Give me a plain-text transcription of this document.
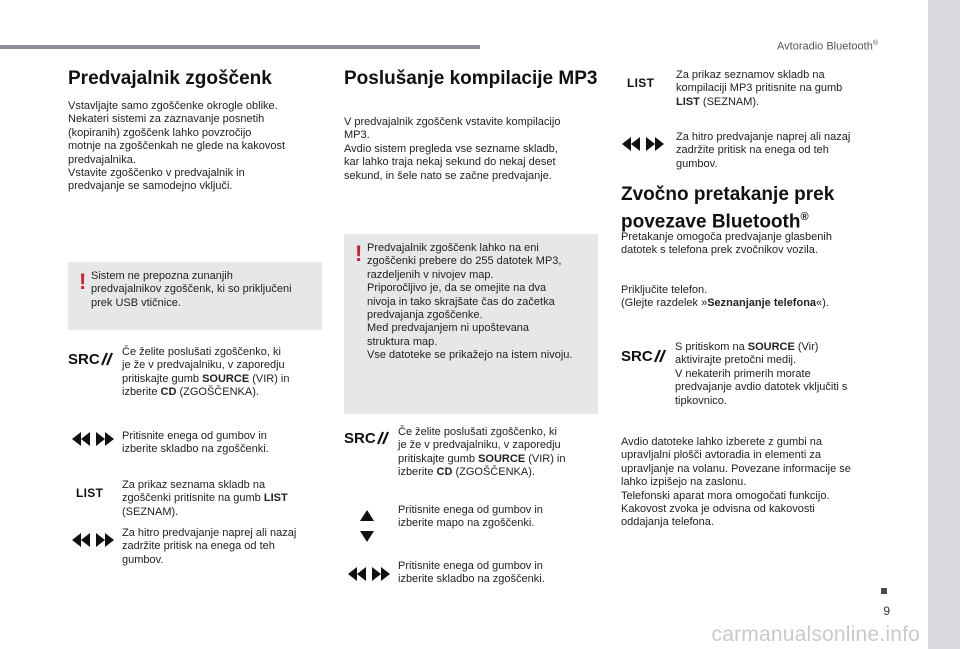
Avtoradio Bluetooth®
9
carmanualsonline.info
Predvajalnik zgoščenk
Vstavljajte samo zgoščenke okrogle oblike.
Nekateri sistemi za zaznavanje posnetih
(kopiranih) zgoščenk lahko povzročijo
motnje na zgoščenkah ne glede na kakovost
predvajalnika.
Vstavite zgoščenko v predvajalnik in
predvajanje se samodejno vključi.
! Sistem ne prepozna zunanjih
predvajalnikov zgoščenk, ki so priključeni
prek USB vtičnice.
SRC Če želite poslušati zgoščenko, ki
je že v predvajalniku, v zaporedju
pritiskajte gumb SOURCE (VIR) in
izberite CD (ZGOŠČENKA).
Pritisnite enega od gumbov in
izberite skladbo na zgoščenki.
LIST
Za prikaz seznama skladb na
zgoščenki pritisnite na gumb LIST
(SEZNAM).
Za hitro predvajanje naprej ali nazaj
zadržite pritisk na enega od teh
gumbov.
Poslušanje kompilacije MP3
V predvajalnik zgoščenk vstavite kompilacijo
MP3.
Avdio sistem pregleda vse sezname skladb,
kar lahko traja nekaj sekund do nekaj deset
sekund, in šele nato se začne predvajanje.
! Predvajalnik zgoščenk lahko na eni
zgoščenki prebere do 255 datotek MP3,
razdeljenih v nivojev map.
Priporočljivo je, da se omejite na dva
nivoja in tako skrajšate čas do začetka
predvajanja zgoščenke.
Med predvajanjem ni upoštevana
struktura map.
Vse datoteke se prikažejo na istem nivoju.
SRC Če želite poslušati zgoščenko, ki
je že v predvajalniku, v zaporedju
pritiskajte gumb SOURCE (VIR) in
izberite CD (ZGOŠČENKA).
Pritisnite enega od gumbov in
izberite mapo na zgoščenki.
Pritisnite enega od gumbov in
izberite skladbo na zgoščenki.
LIST
Za prikaz seznamov skladb na
kompilaciji MP3 pritisnite na gumb
LIST (SEZNAM).
Za hitro predvajanje naprej ali nazaj
zadržite pritisk na enega od teh
gumbov.
Zvočno pretakanje prek
povezave Bluetooth®
Pretakanje omogoča predvajanje glasbenih
datotek s telefona prek zvočnikov vozila.
Priključite telefon.
(Glejte razdelek »Seznanjanje telefona«).
SRC
S pritiskom na SOURCE (Vir)
aktivirajte pretočni medij.
V nekaterih primerih morate
predvajanje avdio datotek vključiti s
tipkovnico.
Avdio datoteke lahko izberete z gumbi na
upravljalni plošči avtoradia in elementi za
upravljanje na volanu. Povezane informacije se
lahko izpišejo na zaslonu.
Telefonski aparat mora omogočati funkcijo.
Kakovost zvoka je odvisna od kakovosti
oddajanja telefona.
